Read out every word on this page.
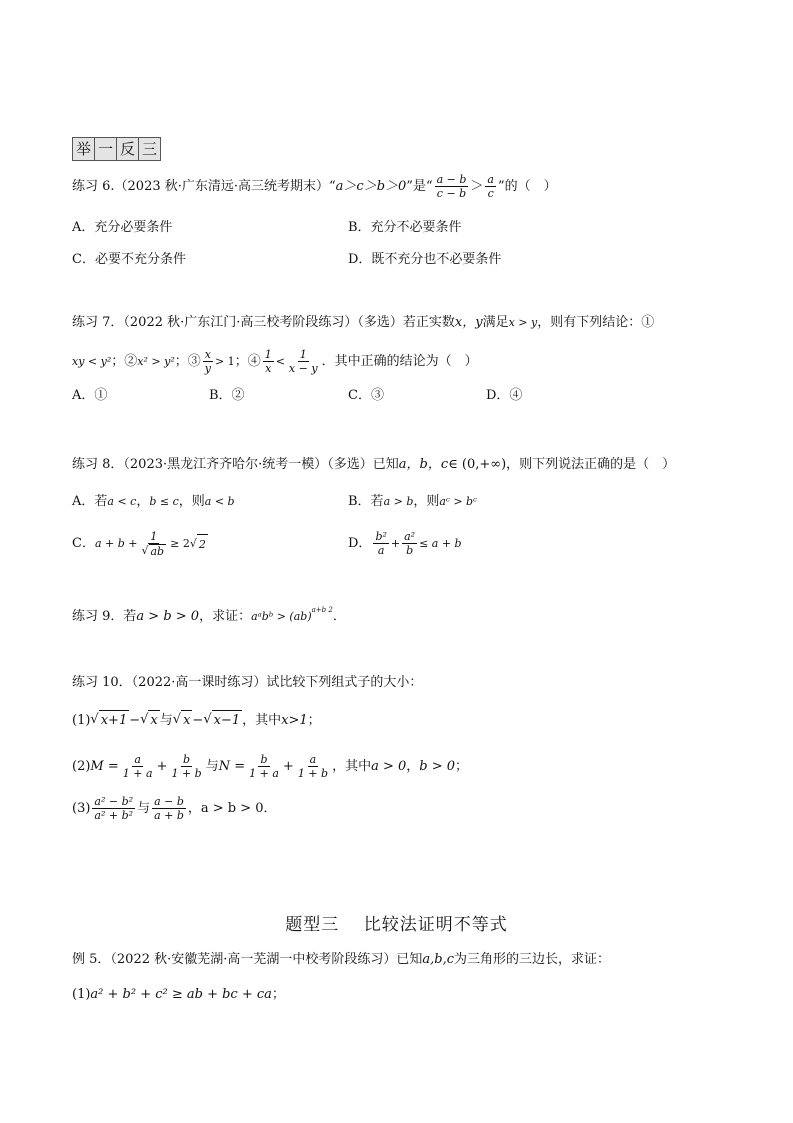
举 一 反 三
练习 6.（2023 秋·广东清远·高三统考期末）“ a＞c＞b＞0 ”是“ $\frac{a - b}{c - b} > \frac{a}{c}$ ”的（　）
A．充分必要条件	B．充分不必要条件
C．必要不充分条件	D．既不充分也不必要条件
练习 7．（2022 秋·广东江门·高三校考阶段练习）（多选）若正实数 x，y 满足 x > y ，则有下列结论：①
xy < y² ；② x² > y² ；③ $\frac{x}{y} > 1$ ；④ $\frac{1}{x} < \frac{1}{x - y}$ ．其中正确的结论为（　）
A．①	B．②	C．③	D．④
练习 8．（2023·黑龙江齐齐哈尔·统考一模）（多选）已知 a，b，c ∈ (0,+∞) ，则下列说法正确的是（　）
A．若 a < c ， b ≤ c ，则 a < b	B．若 a > b ，则 aᶜ > bᶜ
C． $a + b + \frac{1}{√ ab} \ge 2$ √ 2	D． $\frac{\text{b²}}{a} + \frac{\text{a²}}{b} \le a + b$
练习 9．若 a > b > 0 ，求证： aᵃbᵇ > (ab) a+b 2 ．
练习 10．（2022·高一课时练习）试比较下列组式子的大小：
(1) √ x+1 − √ x 与 √ x − √ x−1 ，其中 x>1 ；
(2) $M = \frac{a}{1 + a} + \frac{b}{1 + b}$ 与 $N = \frac{b}{1 + a} + \frac{a}{1 + b}$ ，其中 a > 0 ， b > 0 ；
$(3) \frac{\text{a² − b²}}{\text{a² + b²}}$ 与 $\frac{a - b}{a + b}$ ，a > b > 0．
题型三　 比较法证明不等式
例 5．（2022 秋·安徽芜湖·高一芜湖一中校考阶段练习）已知 a,b,c 为三角形的三边长，求证：
(1) a² + b² + c² ≥ ab + bc + ca ；
